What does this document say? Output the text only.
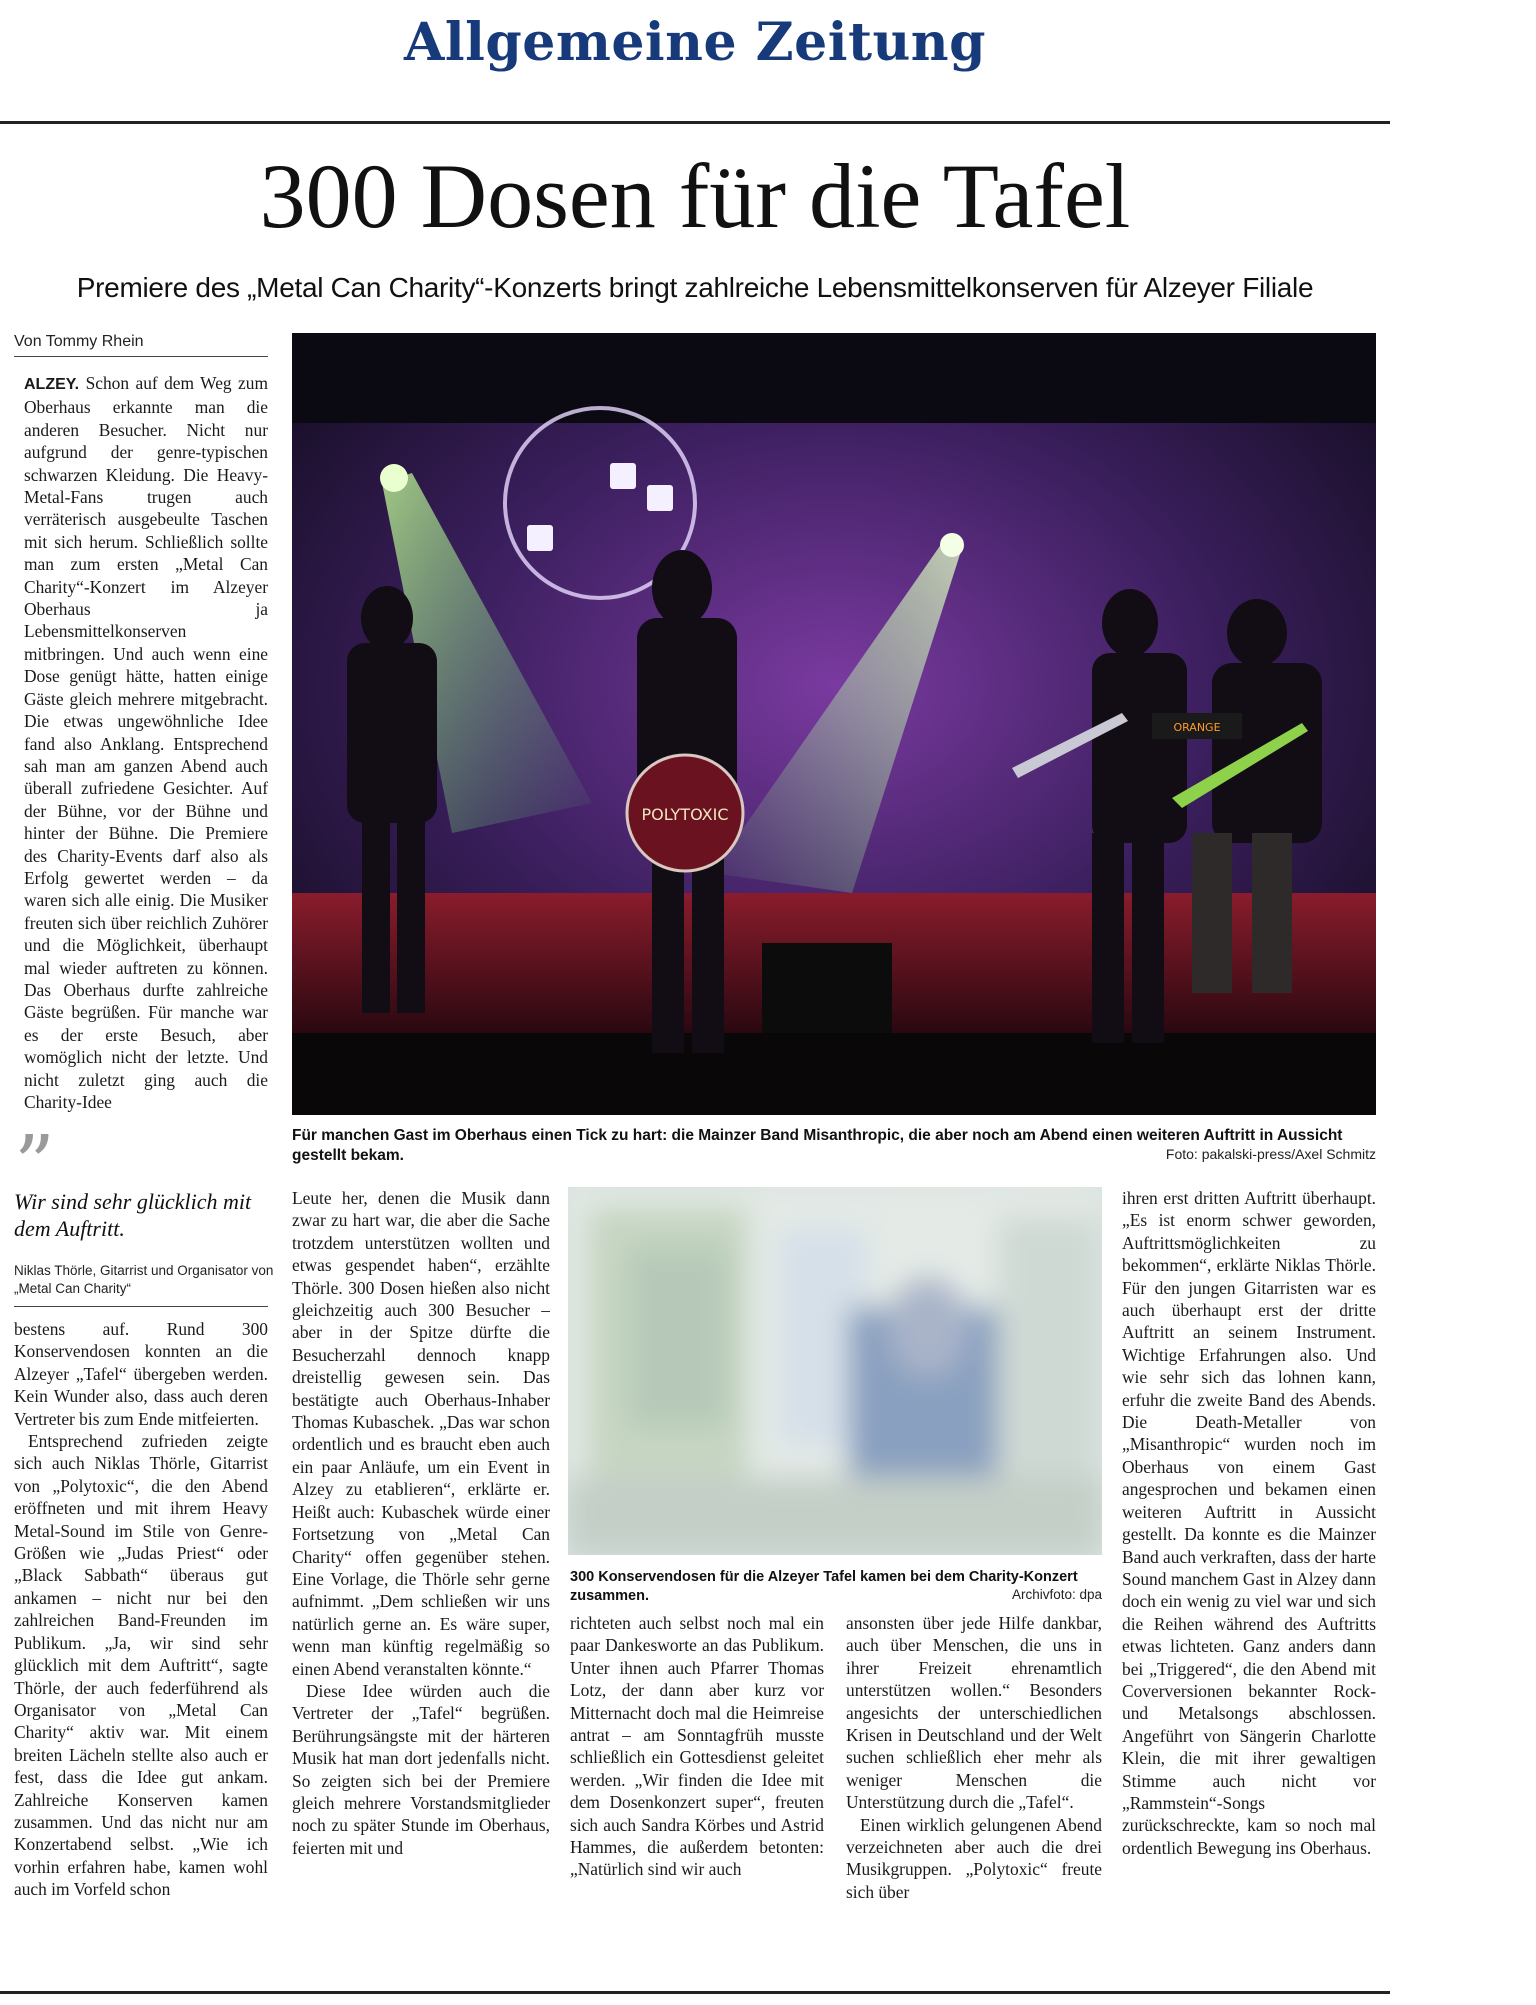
Allgemeine Zeitung
300 Dosen für die Tafel
Premiere des „Metal Can Charity“-Konzerts bringt zahlreiche Lebensmittelkonserven für Alzeyer Filiale
Von Tommy Rhein

ALZEY. Schon auf dem Weg zum Oberhaus erkannte man die anderen Besucher. Nicht nur aufgrund der genre-typischen schwarzen Kleidung. Die Heavy-Metal-Fans trugen auch verräterisch ausgebeulte Taschen mit sich herum. Schließlich sollte man zum ersten „Metal Can Charity“-Konzert im Alzeyer Oberhaus ja Lebensmittelkonserven mitbringen. Und auch wenn eine Dose genügt hätte, hatten einige Gäste gleich mehrere mitgebracht. Die etwas ungewöhnliche Idee fand also Anklang. Entsprechend sah man am ganzen Abend auch überall zufriedene Gesichter. Auf der Bühne, vor der Bühne und hinter der Bühne. Die Premiere des Charity-Events darf also als Erfolg gewertet werden – da waren sich alle einig. Die Musiker freuten sich über reichlich Zuhörer und die Möglichkeit, überhaupt mal wieder auftreten zu können. Das Oberhaus durfte zahlreiche Gäste begrüßen. Für manche war es der erste Besuch, aber womöglich nicht der letzte. Und nicht zuletzt ging auch die Charity-Idee

POLYTOXIC
ORANGE
Für manchen Gast im Oberhaus einen Tick zu hart: die Mainzer Band Misanthropic, die aber noch am Abend einen weiteren Auftritt in Aussicht gestellt bekam.	Foto: pakalski-press/Axel Schmitz
”
Wir sind sehr glücklich mit dem Auftritt.
Niklas Thörle, Gitarrist und Organisator von „Metal Can Charity“

bestens auf. Rund 300 Konservendosen konnten an die Alzeyer „Tafel“ übergeben werden. Kein Wunder also, dass auch deren Vertreter bis zum Ende mitfeierten.

Entsprechend zufrieden zeigte sich auch Niklas Thörle, Gitarrist von „Polytoxic“, die den Abend eröffneten und mit ihrem Heavy Metal-Sound im Stile von Genre-Größen wie „Judas Priest“ oder „Black Sabbath“ überaus gut ankamen – nicht nur bei den zahlreichen Band-Freunden im Publikum. „Ja, wir sind sehr glücklich mit dem Auftritt“, sagte Thörle, der auch federführend als Organisator von „Metal Can Charity“ aktiv war. Mit einem breiten Lächeln stellte also auch er fest, dass die Idee gut ankam. Zahlreiche Konserven kamen zusammen. Und das nicht nur am Konzertabend selbst. „Wie ich vorhin erfahren habe, kamen wohl auch im Vorfeld schon

Leute her, denen die Musik dann zwar zu hart war, die aber die Sache trotzdem unterstützen wollten und etwas gespendet haben“, erzählte Thörle. 300 Dosen hießen also nicht gleichzeitig auch 300 Besucher – aber in der Spitze dürfte die Besucherzahl dennoch knapp dreistellig gewesen sein. Das bestätigte auch Oberhaus-Inhaber Thomas Kubaschek. „Das war schon ordentlich und es braucht eben auch ein paar Anläufe, um ein Event in Alzey zu etablieren“, erklärte er. Heißt auch: Kubaschek würde einer Fortsetzung von „Metal Can Charity“ offen gegenüber stehen. Eine Vorlage, die Thörle sehr gerne aufnimmt. „Dem schließen wir uns natürlich gerne an. Es wäre super, wenn man künftig regelmäßig so einen Abend veranstalten könnte.“

Diese Idee würden auch die Vertreter der „Tafel“ begrüßen. Berührungsängste mit der härteren Musik hat man dort jedenfalls nicht. So zeigten sich bei der Premiere gleich mehrere Vorstandsmitglieder noch zu später Stunde im Oberhaus, feierten mit und

300 Konservendosen für die Alzeyer Tafel kamen bei dem Charity-Konzert zusammen.	Archivfoto: dpa

richteten auch selbst noch mal ein paar Dankesworte an das Publikum. Unter ihnen auch Pfarrer Thomas Lotz, der dann aber kurz vor Mitternacht doch mal die Heimreise antrat – am Sonntagfrüh musste schließlich ein Gottesdienst geleitet werden. „Wir finden die Idee mit dem Dosenkonzert super“, freuten sich auch Sandra Körbes und Astrid Hammes, die außerdem betonten: „Natürlich sind wir auch

ansonsten über jede Hilfe dankbar, auch über Menschen, die uns in ihrer Freizeit ehrenamtlich unterstützen wollen.“ Besonders angesichts der unterschiedlichen Krisen in Deutschland und der Welt suchen schließlich eher mehr als weniger Menschen die Unterstützung durch die „Tafel“.

Einen wirklich gelungenen Abend verzeichneten aber auch die drei Musikgruppen. „Polytoxic“ freute sich über

ihren erst dritten Auftritt überhaupt. „Es ist enorm schwer geworden, Auftrittsmöglichkeiten zu bekommen“, erklärte Niklas Thörle. Für den jungen Gitarristen war es auch überhaupt erst der dritte Auftritt an seinem Instrument. Wichtige Erfahrungen also. Und wie sehr sich das lohnen kann, erfuhr die zweite Band des Abends. Die Death-Metaller von „Misanthropic“ wurden noch im Oberhaus von einem Gast angesprochen und bekamen einen weiteren Auftritt in Aussicht gestellt. Da konnte es die Mainzer Band auch verkraften, dass der harte Sound manchem Gast in Alzey dann doch ein wenig zu viel war und sich die Reihen während des Auftritts etwas lichteten. Ganz anders dann bei „Triggered“, die den Abend mit Coverversionen bekannter Rock- und Metalsongs abschlossen. Angeführt von Sängerin Charlotte Klein, die mit ihrer gewaltigen Stimme auch nicht vor „Rammstein“-Songs zurückschreckte, kam so noch mal ordentlich Bewegung ins Oberhaus.
